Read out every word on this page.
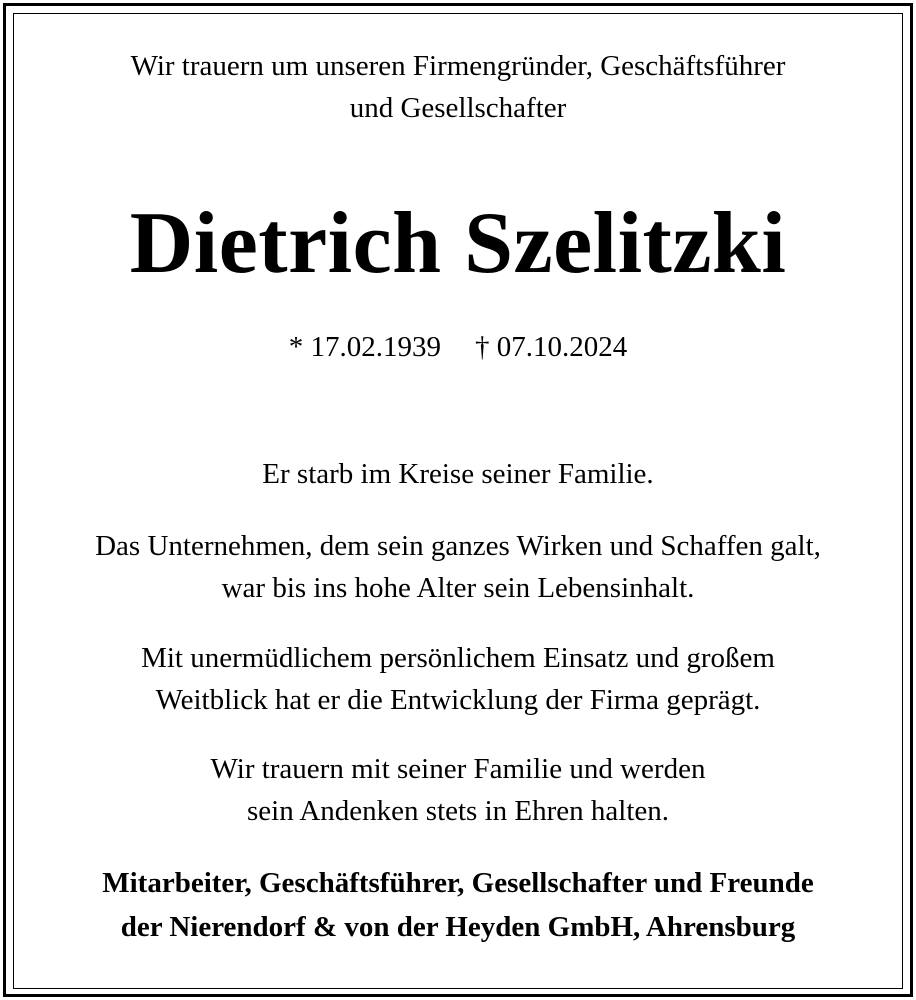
Wir trauern um unseren Firmengründer, Geschäftsführer
und Gesellschafter

Dietrich Szelitzki

* 17.02.1939 † 07.10.2024

Er starb im Kreise seiner Familie.

Das Unternehmen, dem sein ganzes Wirken und Schaffen galt,
war bis ins hohe Alter sein Lebensinhalt.

Mit unermüdlichem persönlichem Einsatz und großem
Weitblick hat er die Entwicklung der Firma geprägt.

Wir trauern mit seiner Familie und werden
sein Andenken stets in Ehren halten.

Mitarbeiter, Geschäftsführer, Gesellschafter und Freunde
der Nierendorf & von der Heyden GmbH, Ahrensburg
